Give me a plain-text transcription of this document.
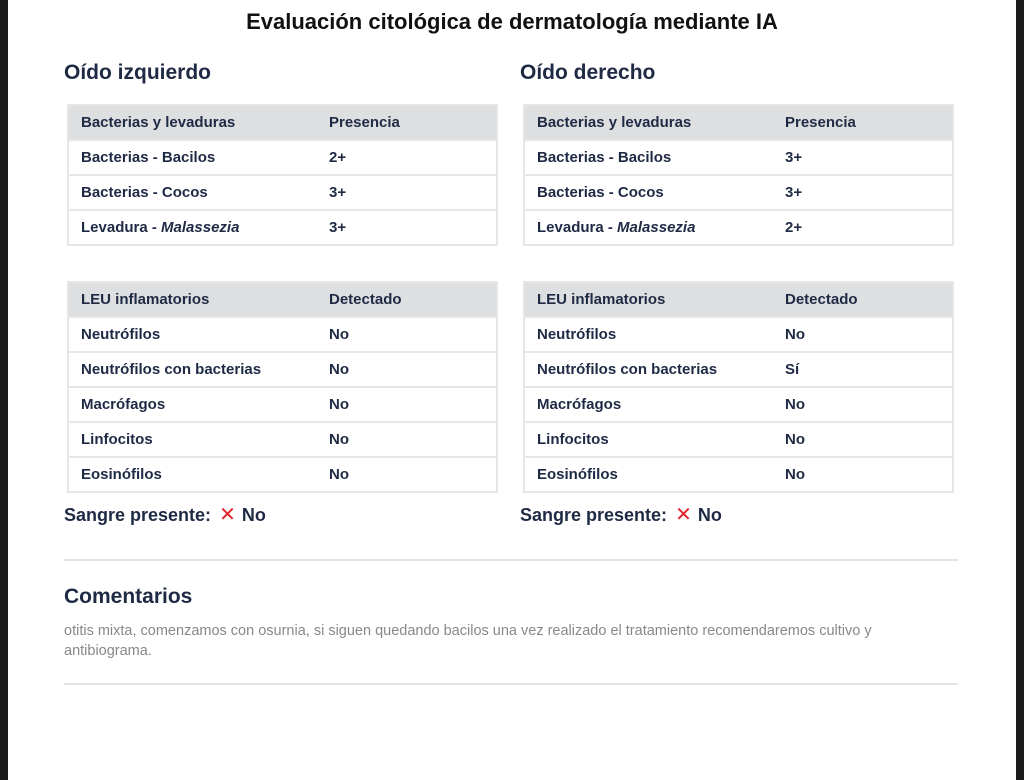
Evaluación citológica de dermatología mediante IA
Oído izquierdo
Bacterias y levaduras	Presencia
Bacterias - Bacilos	2+
Bacterias - Cocos	3+
Levadura - Malassezia	3+
LEU inflamatorios	Detectado
Neutrófilos	No
Neutrófilos con bacterias	No
Macrófagos	No
Linfocitos	No
Eosinófilos	No
Sangre presente: ✕ No
Oído derecho
Bacterias y levaduras	Presencia
Bacterias - Bacilos	3+
Bacterias - Cocos	3+
Levadura - Malassezia	2+
LEU inflamatorios	Detectado
Neutrófilos	No
Neutrófilos con bacterias	Sí
Macrófagos	No
Linfocitos	No
Eosinófilos	No
Sangre presente: ✕ No
Comentarios
otitis mixta, comenzamos con osurnia, si siguen quedando bacilos una vez realizado el tratamiento recomendaremos cultivo y antibiograma.
